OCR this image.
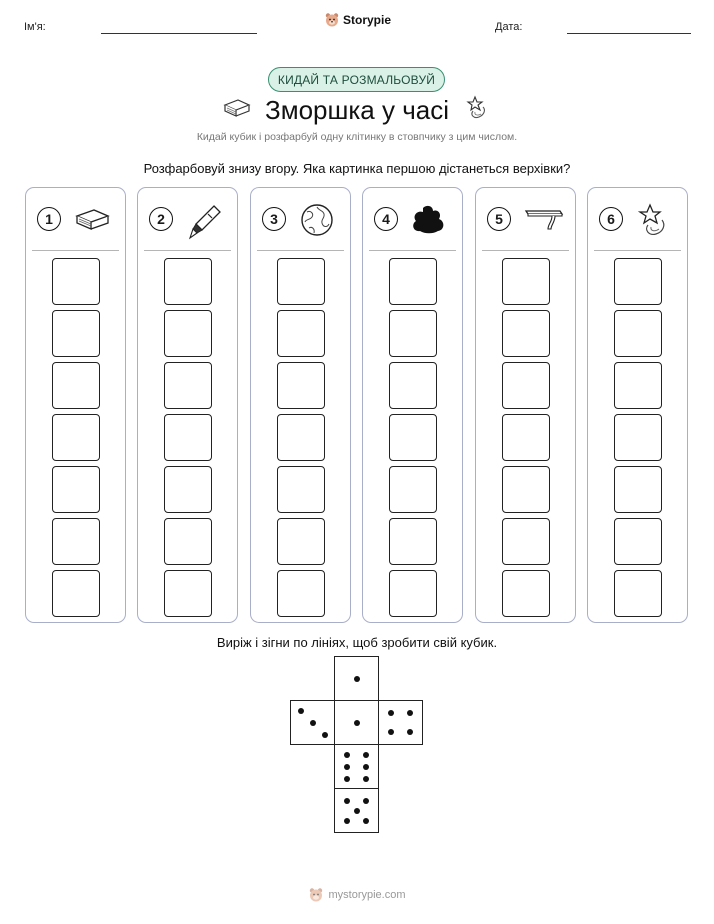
Ім'я:	Storypie	Дата:
КИДАЙ ТА РОЗМАЛЬОВУЙ
Зморшка у часі
Кидай кубик і розфарбуй одну клітинку в стовпчику з цим числом.
Розфарбовуй знизу вгору. Яка картинка першою дістанеться верхівки?
1	2	3	4	5	6
Виріж і зігни по лініях, щоб зробити свій кубик.
mystorypie.com
